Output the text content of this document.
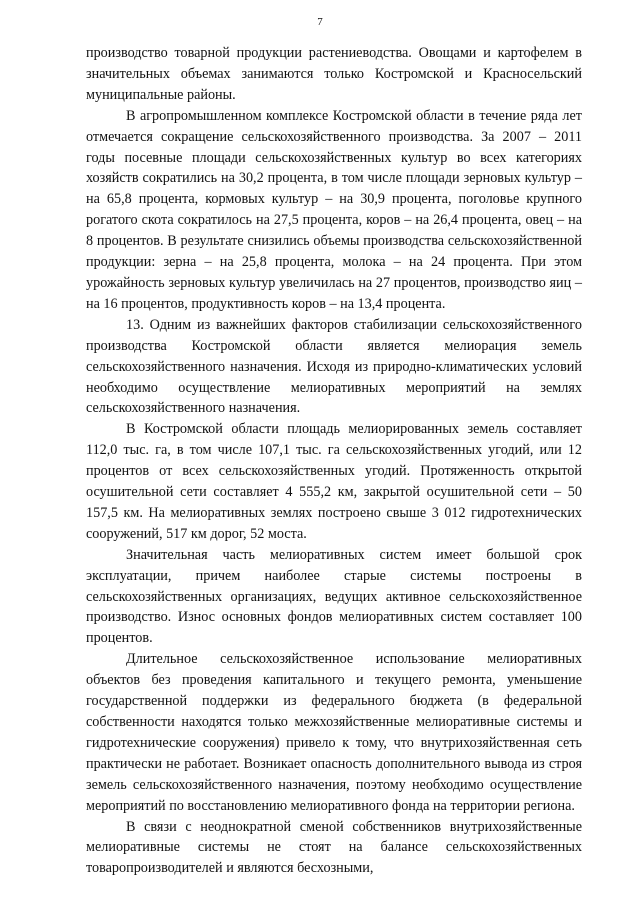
7

производство товарной продукции растениеводства. Овощами и картофелем в значительных объемах занимаются только Костромской и Красносельский муниципальные районы.

В агропромышленном комплексе Костромской области в течение ряда лет отмечается сокращение сельскохозяйственного производства. За 2007 – 2011 годы посевные площади сельскохозяйственных культур во всех категориях хозяйств сократились на 30,2 процента, в том числе площади зерновых культур – на 65,8 процента, кормовых культур – на 30,9 процента, поголовье крупного рогатого скота сократилось на 27,5 процента, коров – на 26,4 процента, овец – на 8 процентов. В результате снизились объемы производства сельскохозяйственной продукции: зерна – на 25,8 процента, молока – на 24 процента. При этом урожайность зерновых культур увеличилась на 27 процентов, производство яиц – на 16 процентов, продуктивность коров – на 13,4 процента.

13. Одним из важнейших факторов стабилизации сельскохозяйственного производства Костромской области является мелиорация земель сельскохозяйственного назначения. Исходя из природно-климатических условий необходимо осуществление мелиоративных мероприятий на землях сельскохозяйственного назначения.

В Костромской области площадь мелиорированных земель составляет 112,0 тыс. га, в том числе 107,1 тыс. га сельскохозяйственных угодий, или 12 процентов от всех сельскохозяйственных угодий. Протяженность открытой осушительной сети составляет 4 555,2 км, закрытой осушительной сети – 50 157,5 км. На мелиоративных землях построено свыше 3 012 гидротехнических сооружений, 517 км дорог, 52 моста.

Значительная часть мелиоративных систем имеет большой срок эксплуатации, причем наиболее старые системы построены в сельскохозяйственных организациях, ведущих активное сельскохозяйственное производство. Износ основных фондов мелиоративных систем составляет 100 процентов.

Длительное сельскохозяйственное использование мелиоративных объектов без проведения капитального и текущего ремонта, уменьшение государственной поддержки из федерального бюджета (в федеральной собственности находятся только межхозяйственные мелиоративные системы и гидротехнические сооружения) привело к тому, что внутрихозяйственная сеть практически не работает. Возникает опасность дополнительного вывода из строя земель сельскохозяйственного назначения, поэтому необходимо осуществление мероприятий по восстановлению мелиоративного фонда на территории региона.

В связи с неоднократной сменой собственников внутрихозяйственные мелиоративные системы не стоят на балансе сельскохозяйственных товаропроизводителей и являются бесхозными,
